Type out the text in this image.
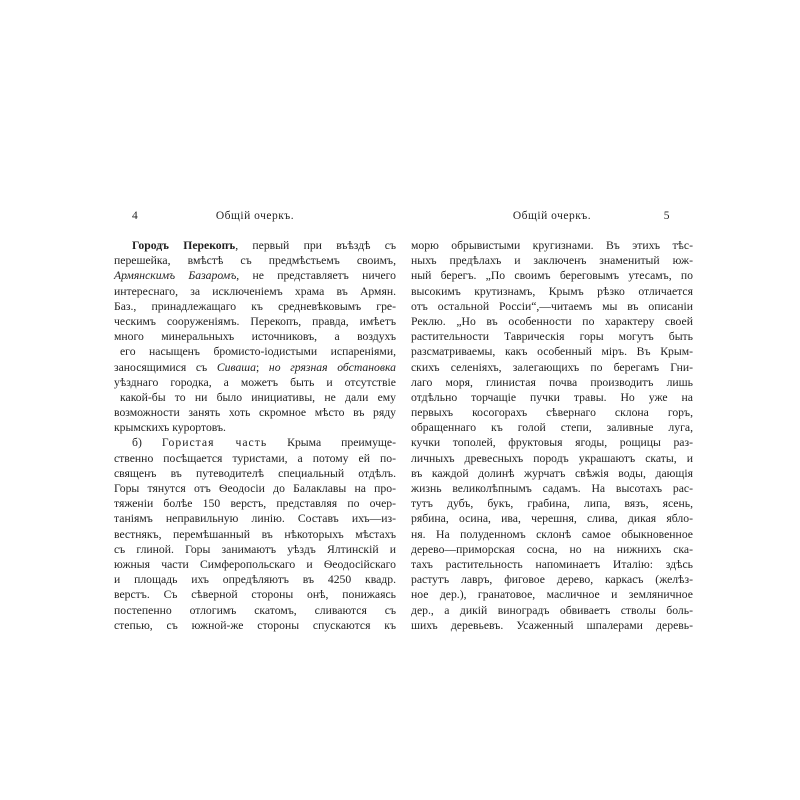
4	Общій очеркъ.
Городъ Перекопъ, первый при въѣздѣ съ
перешейка, вмѣстѣ съ предмѣстьемъ своимъ,
Армянскимъ Базаромъ, не представляетъ ничего
интереснаго, за исключеніемъ храма въ Армян.
Баз., принадлежащаго къ средневѣковымъ гре-
ческимъ сооруженіямъ. Перекопъ, правда, имѣетъ
много минеральныхъ источниковъ, а воздухъ
его насыщенъ бромисто-іодистыми испареніями,
заносящимися съ Сиваша; но грязная обстановка
уѣзднаго городка, а можетъ быть и отсутствіе
какой-бы то ни было инициативы, не дали ему
возможности занять хоть скромное мѣсто въ ряду
крымскихъ курортовъ.
б) Гористая часть Крыма преимуще-
ственно посѣщается туристами, а потому ей по-
священъ въ путеводителѣ специальный отдѣлъ.
Горы тянутся отъ Ѳеодосіи до Балаклавы на про-
тяженіи болѣе 150 верстъ, представляя по очер-
таніямъ неправильную линію. Составъ ихъ—из-
вестнякъ, перемѣшанный въ нѣкоторыхъ мѣстахъ
съ глиной. Горы занимаютъ уѣздъ Ялтинскій и
южныя части Симферопольскаго и Ѳеодосійскаго
и площадь ихъ опредѣляютъ въ 4250 квадр.
верстъ. Съ сѣверной стороны онѣ, понижаясь
постепенно отлогимъ скатомъ, сливаются съ
степью, съ южной-же стороны спускаются къ
Общій очеркъ.	5
морю обрывистыми кругизнами. Въ этихъ тѣс-
ныхъ предѣлахъ и заключенъ знаменитый юж-
ный берегъ. „По своимъ береговымъ утесамъ, по
высокимъ крутизнамъ, Крымъ рѣзко отличается
отъ остальной Россіи“,—читаемъ мы въ описаніи
Реклю. „Но въ особенности по характеру своей
растительности Таврическія горы могутъ быть
разсматриваемы, какъ особенный міръ. Въ Крым-
скихъ селеніяхъ, залегающихъ по берегамъ Гни-
лаго моря, глинистая почва производитъ лишь
отдѣльно торчащіе пучки травы. Но уже на
первыхъ косогорахъ сѣвернаго склона горъ,
обращеннаго къ голой степи, заливные луга,
кучки тополей, фруктовыя ягоды, рощицы раз-
личныхъ древесныхъ породъ украшаютъ скаты, и
въ каждой долинѣ журчатъ свѣжія воды, дающія
жизнь великолѣпнымъ садамъ. На высотахъ рас-
тутъ дубъ, букъ, грабина, липа, вязъ, ясень,
рябина, осина, ива, черешня, слива, дикая ябло-
ня. На полуденномъ склонѣ самое обыкновенное
дерево—приморская сосна, но на нижнихъ ска-
тахъ растительность напоминаетъ Италію: здѣсь
растутъ лавръ, фиговое дерево, каркасъ (желѣз-
ное дер.), гранатовое, масличное и земляничное
дер., а дикій виноградъ обвиваетъ стволы боль-
шихъ деревьевъ. Усаженный шпалерами деревь-
